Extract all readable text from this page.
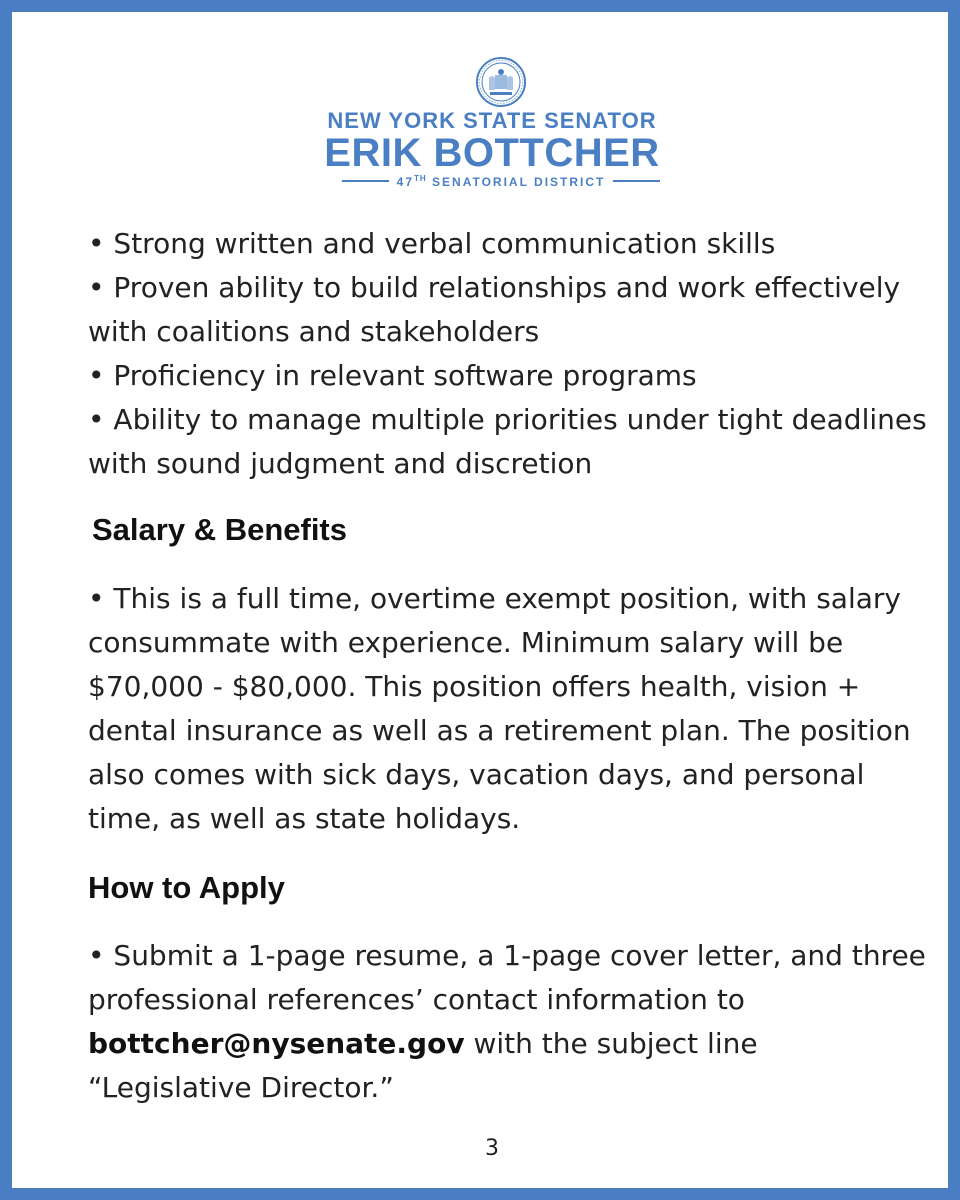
NEW YORK STATE SENATOR
ERIK BOTTCHER
47TH SENATORIAL DISTRICT

• Strong written and verbal communication skills

• Proven ability to build relationships and work effectively with coalitions and stakeholders

• Proficiency in relevant software programs

• Ability to manage multiple priorities under tight deadlines with sound judgment and discretion

Salary & Benefits

• This is a full time, overtime exempt position, with salary consummate with experience. Minimum salary will be $70,000 - $80,000. This position offers health, vision + dental insurance as well as a retirement plan. The position also comes with sick days, vacation days, and personal time, as well as state holidays.

How to Apply

• Submit a 1-page resume, a 1-page cover letter, and three professional references’ contact information to bottcher@nysenate.gov with the subject line “Legislative Director.”

3
